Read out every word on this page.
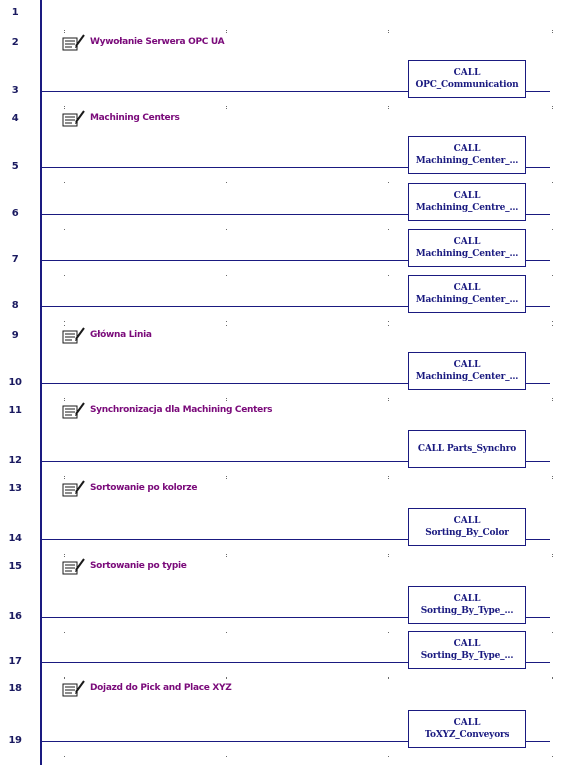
1
2	Wywołanie Serwera OPC UA
3
CALL
OPC_Communication
4	Machining Centers
5
CALL
Machining_Center_...
6
CALL
Machining_Centre_...
7
CALL
Machining_Center_...
8
CALL
Machining_Center_...
9	Główna Linia
10
CALL
Machining_Center_...
11	Synchronizacja dla Machining Centers
12
CALL Parts_Synchro
13	Sortowanie po kolorze
14
CALL
Sorting_By_Color
15	Sortowanie po typie
16
CALL
Sorting_By_Type_...
17
CALL
Sorting_By_Type_...
18	Dojazd do Pick and Place XYZ
19
CALL
ToXYZ_Conveyors
